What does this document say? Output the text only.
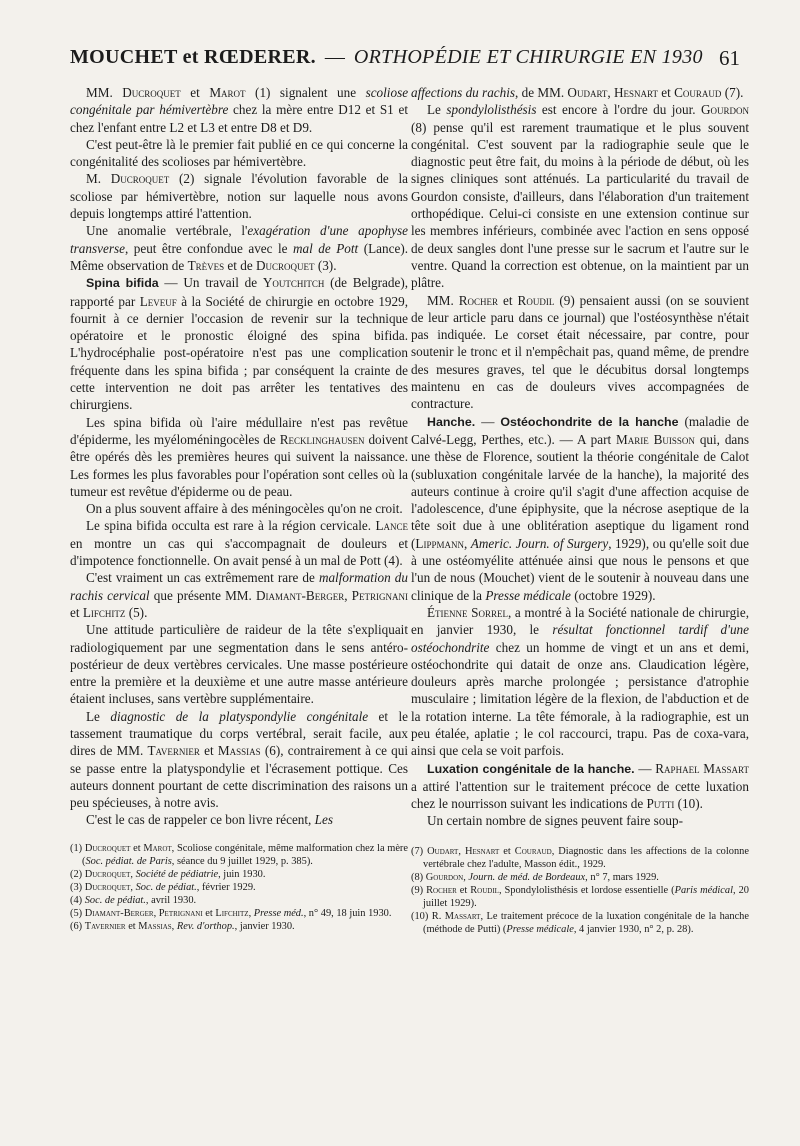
MOUCHET et RŒDERER. — ORTHOPÉDIE ET CHIRURGIE EN 1930 61

MM. Ducroquet et Marot (1) signalent une scoliose congénitale par hémivertèbre chez la mère entre D12 et S1 et chez l'enfant entre L2 et L3 et entre D8 et D9.

C'est peut-être là le premier fait publié en ce qui concerne la congénitalité des scolioses par hémivertèbre.

M. Ducroquet (2) signale l'évolution favorable de la scoliose par hémivertèbre, notion sur laquelle nous avons depuis longtemps attiré l'attention.

Une anomalie vertébrale, l'exagération d'une apophyse transverse, peut être confondue avec le mal de Pott (Lance). Même observation de Trèves et de Ducroquet (3).

Spina bifida — Un travail de Youtchitch (de Belgrade), rapporté par Leveuf à la Société de chirurgie en octobre 1929, fournit à ce dernier l'occasion de revenir sur la technique opératoire et le pronostic éloigné des spina bifida. L'hydrocéphalie post-opératoire n'est pas une complication fréquente dans les spina bifida ; par conséquent la crainte de cette intervention ne doit pas arrêter les tentatives des chirurgiens.

Les spina bifida où l'aire médullaire n'est pas revêtue d'épiderme, les myéloméningocèles de Recklinghausen doivent être opérés dès les premières heures qui suivent la naissance. Les formes les plus favorables pour l'opération sont celles où la tumeur est revêtue d'épiderme ou de peau.

On a plus souvent affaire à des méningocèles qu'on ne croit.

Le spina bifida occulta est rare à la région cervicale. Lance en montre un cas qui s'accompagnait de douleurs et d'impotence fonctionnelle. On avait pensé à un mal de Pott (4).

C'est vraiment un cas extrêmement rare de malformation du rachis cervical que présente MM. Diamant-Berger, Petrignani et Lifchitz (5).

Une attitude particulière de raideur de la tête s'expliquait radiologiquement par une segmentation dans le sens antéro-postérieur de deux vertèbres cervicales. Une masse postérieure entre la première et la deuxième et une autre masse antérieure étaient incluses, sans vertèbre supplémentaire.

Le diagnostic de la platyspondylie congénitale et le tassement traumatique du corps vertébral, serait facile, aux dires de MM. Tavernier et Massias (6), contrairement à ce qui se passe entre la platyspondylie et l'écrasement pottique. Ces auteurs donnent pourtant de cette discrimination des raisons un peu spécieuses, à notre avis.

C'est le cas de rappeler ce bon livre récent, Les

(1) Ducroquet et Marot, Scoliose congénitale, même malformation chez la mère (Soc. pédiat. de Paris, séance du 9 juillet 1929, p. 385).
(2) Ducroquet, Société de pédiatrie, juin 1930.
(3) Ducroquet, Soc. de pédiat., février 1929.
(4) Soc. de pédiat., avril 1930.
(5) Diamant-Berger, Petrignani et Lifchitz, Presse méd., n° 49, 18 juin 1930.
(6) Tavernier et Massias, Rev. d'orthop., janvier 1930.

affections du rachis, de MM. Oudart, Hesnart et Couraud (7).

Le spondylolisthésis est encore à l'ordre du jour. Gourdon (8) pense qu'il est rarement traumatique et le plus souvent congénital. C'est souvent par la radiographie seule que le diagnostic peut être fait, du moins à la période de début, où les signes cliniques sont atténués. La particularité du travail de Gourdon consiste, d'ailleurs, dans l'élaboration d'un traitement orthopédique. Celui-ci consiste en une extension continue sur les membres inférieurs, combinée avec l'action en sens opposé de deux sangles dont l'une presse sur le sacrum et l'autre sur le ventre. Quand la correction est obtenue, on la maintient par un plâtre.

MM. Rocher et Roudil (9) pensaient aussi (on se souvient de leur article paru dans ce journal) que l'ostéosynthèse n'était pas indiquée. Le corset était nécessaire, par contre, pour soutenir le tronc et il n'empêchait pas, quand même, de prendre des mesures graves, tel que le décubitus dorsal longtemps maintenu en cas de douleurs vives accompagnées de contracture.

Hanche. — Ostéochondrite de la hanche (maladie de Calvé-Legg, Perthes, etc.). — A part Marie Buisson qui, dans une thèse de Florence, soutient la théorie congénitale de Calot (subluxation congénitale larvée de la hanche), la majorité des auteurs continue à croire qu'il s'agit d'une affection acquise de l'adolescence, d'une épiphysite, que la nécrose aseptique de la tête soit due à une oblitération aseptique du ligament rond (Lippmann, Americ. Journ. of Surgery, 1929), ou qu'elle soit due à une ostéomyélite atténuée ainsi que nous le pensons et que l'un de nous (Mouchet) vient de le soutenir à nouveau dans une clinique de la Presse médicale (octobre 1929).

Étienne Sorrel, a montré à la Société nationale de chirurgie, en janvier 1930, le résultat fonctionnel tardif d'une ostéochondrite chez un homme de vingt et un ans et demi, ostéochondrite qui datait de onze ans. Claudication légère, douleurs après marche prolongée ; persistance d'atrophie musculaire ; limitation légère de la flexion, de l'abduction et de la rotation interne. La tête fémorale, à la radiographie, est un peu étalée, aplatie ; le col raccourci, trapu. Pas de coxa-vara, ainsi que cela se voit parfois.

Luxation congénitale de la hanche. — Raphael Massart a attiré l'attention sur le traitement précoce de cette luxation chez le nourrisson suivant les indications de Putti (10).

Un certain nombre de signes peuvent faire soup-

(7) Oudart, Hesnart et Couraud, Diagnostic dans les affections de la colonne vertébrale chez l'adulte, Masson édit., 1929.
(8) Gourdon, Journ. de méd. de Bordeaux, n° 7, mars 1929.
(9) Rocher et Roudil, Spondylolisthésis et lordose essentielle (Paris médical, 20 juillet 1929).
(10) R. Massart, Le traitement précoce de la luxation congénitale de la hanche (méthode de Putti) (Presse médicale, 4 janvier 1930, n° 2, p. 28).
